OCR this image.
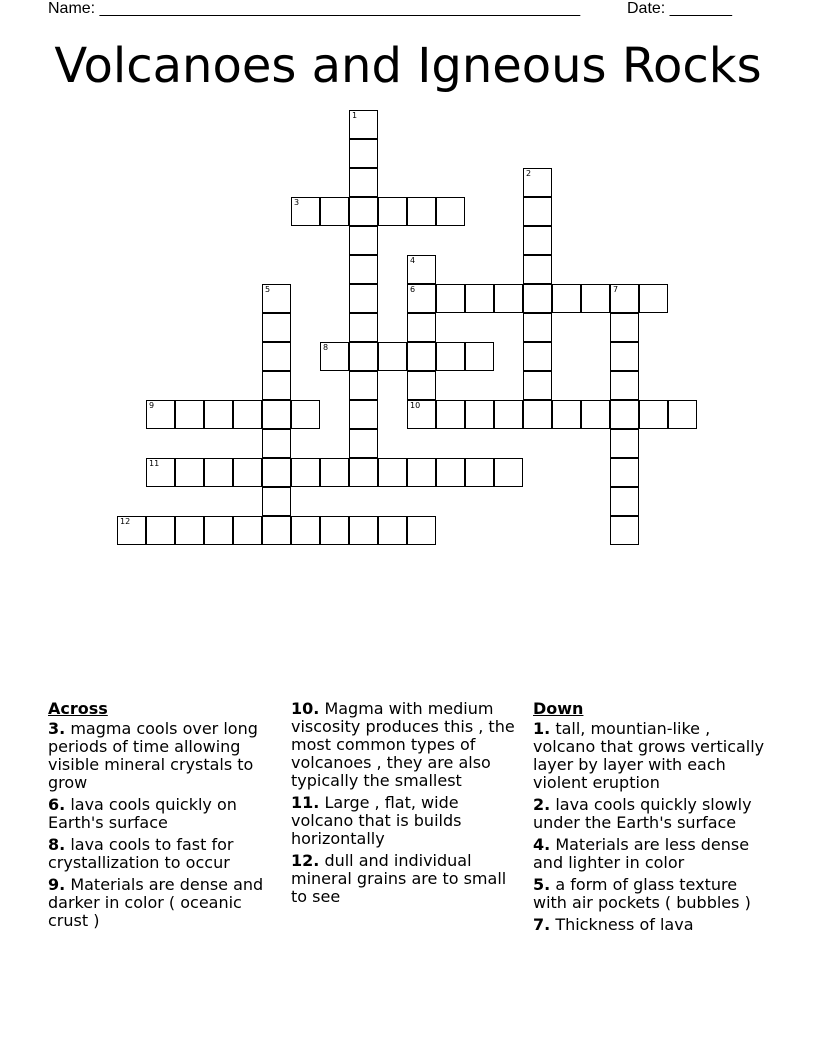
Name: ______________________________________________________	Date: _______
Volcanoes and Igneous Rocks
3
6	7
8
9	10
11
12
1
2
4
5
Across
3. magma cools over long periods of time allowing visible mineral crystals to grow
6. lava cools quickly on Earth's surface
8. lava cools to fast for crystallization to occur
9. Materials are dense and darker in color ( oceanic crust )
10. Magma with medium viscosity produces this , the most common types of volcanoes , they are also typically the smallest
11. Large , flat, wide volcano that is builds horizontally
12. dull and individual mineral grains are to small to see
Down
1. tall, mountian-like , volcano that grows vertically layer by layer with each violent eruption
2. lava cools quickly slowly under the Earth's surface
4. Materials are less dense and lighter in color
5. a form of glass texture with air pockets ( bubbles )
7. Thickness of lava
